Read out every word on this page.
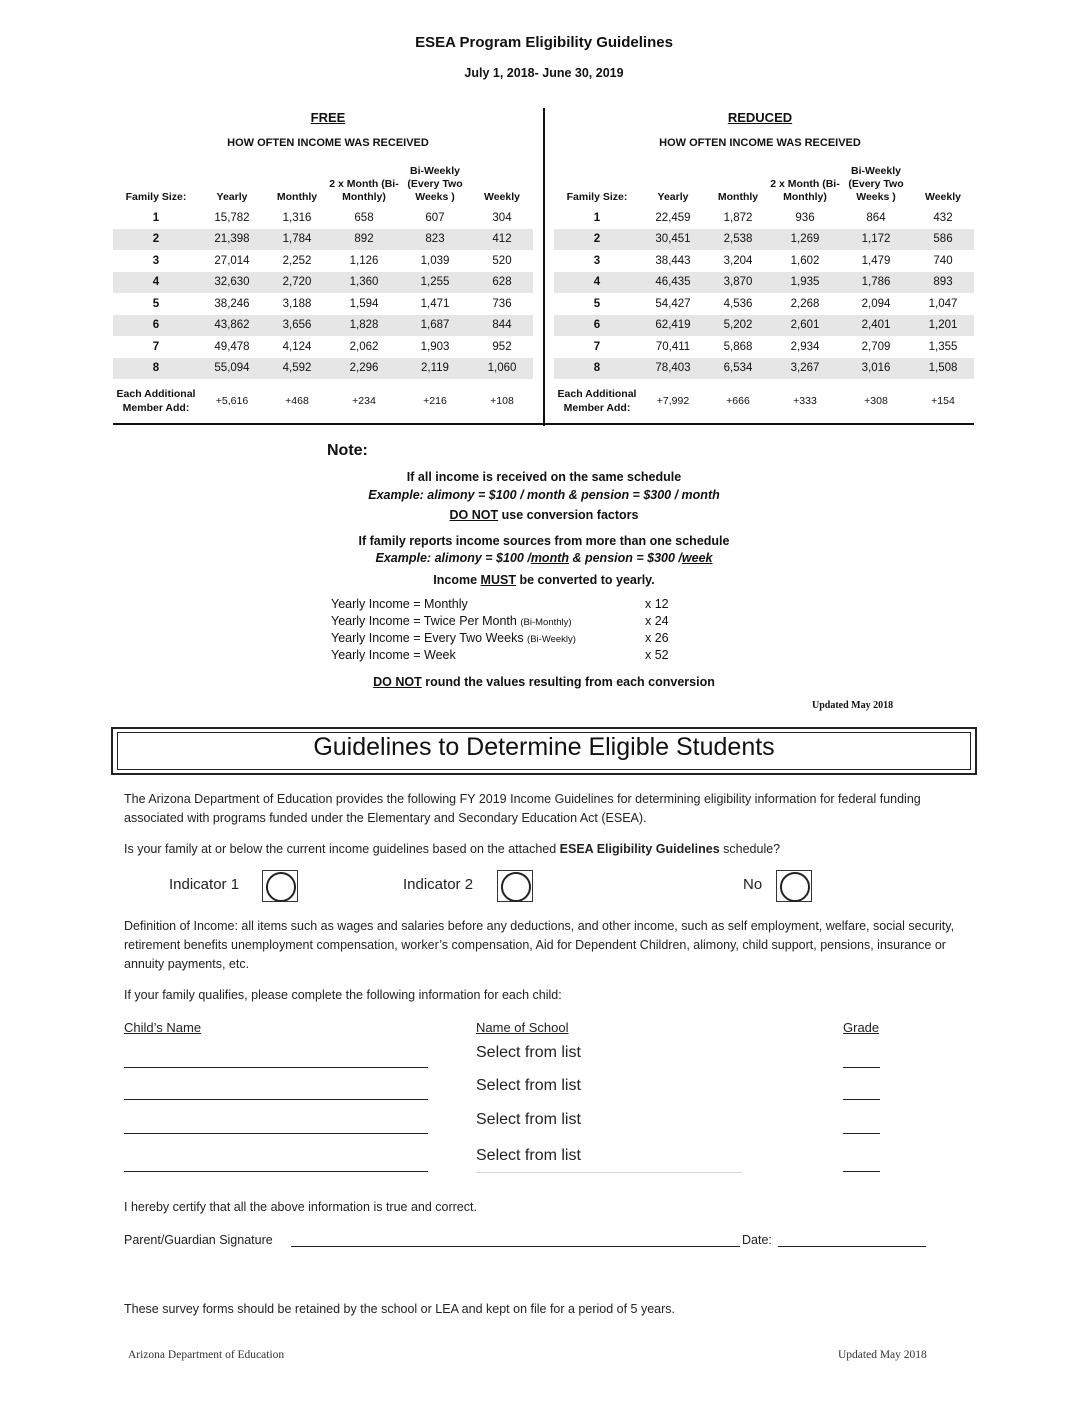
ESEA Program Eligibility Guidelines
July 1, 2018- June 30, 2019
FREE
HOW OFTEN INCOME WAS RECEIVED
Family Size:	Yearly	Monthly	2 x Month (Bi-Monthly)	Bi-Weekly (Every Two Weeks )	Weekly
1	15,782	1,316	658	607	304
2	21,398	1,784	892	823	412
3	27,014	2,252	1,126	1,039	520
4	32,630	2,720	1,360	1,255	628
5	38,246	3,188	1,594	1,471	736
6	43,862	3,656	1,828	1,687	844
7	49,478	4,124	2,062	1,903	952
8	55,094	4,592	2,296	2,119	1,060
Each Additional Member Add:	+5,616	+468	+234	+216	+108
REDUCED
HOW OFTEN INCOME WAS RECEIVED
Family Size:	Yearly	Monthly	2 x Month (Bi-Monthly)	Bi-Weekly (Every Two Weeks )	Weekly
1	22,459	1,872	936	864	432
2	30,451	2,538	1,269	1,172	586
3	38,443	3,204	1,602	1,479	740
4	46,435	3,870	1,935	1,786	893
5	54,427	4,536	2,268	2,094	1,047
6	62,419	5,202	2,601	2,401	1,201
7	70,411	5,868	2,934	2,709	1,355
8	78,403	6,534	3,267	3,016	1,508
Each Additional Member Add:	+7,992	+666	+333	+308	+154
Note:
If all income is received on the same schedule
Example: alimony = $100 / month & pension = $300 / month
DO NOT use conversion factors
If family reports income sources from more than one schedule
Example: alimony = $100 /month & pension = $300 /week
Income MUST be converted to yearly.
Yearly Income = Monthly	x 12
Yearly Income = Twice Per Month (Bi-Monthly)	x 24
Yearly Income = Every Two Weeks (Bi-Weekly)	x 26
Yearly Income = Week	x 52
DO NOT round the values resulting from each conversion
Updated May 2018
Guidelines to Determine Eligible Students
The Arizona Department of Education provides the following FY 2019 Income Guidelines for determining eligibility information for federal funding associated with programs funded under the Elementary and Secondary Education Act (ESEA).
Is your family at or below the current income guidelines based on the attached ESEA Eligibility Guidelines schedule?
Indicator 1	Indicator 2	No
Definition of Income: all items such as wages and salaries before any deductions, and other income, such as self employment, welfare, social security, retirement benefits unemployment compensation, worker’s compensation, Aid for Dependent Children, alimony, child support, pensions, insurance or annuity payments, etc.
If your family qualifies, please complete the following information for each child:
Child’s Name	Name of School	Grade
Select from list
Select from list
Select from list
Select from list
I hereby certify that all the above information is true and correct.
Parent/Guardian Signature	Date:
These survey forms should be retained by the school or LEA and kept on file for a period of 5 years.
Arizona Department of Education	Updated May 2018
